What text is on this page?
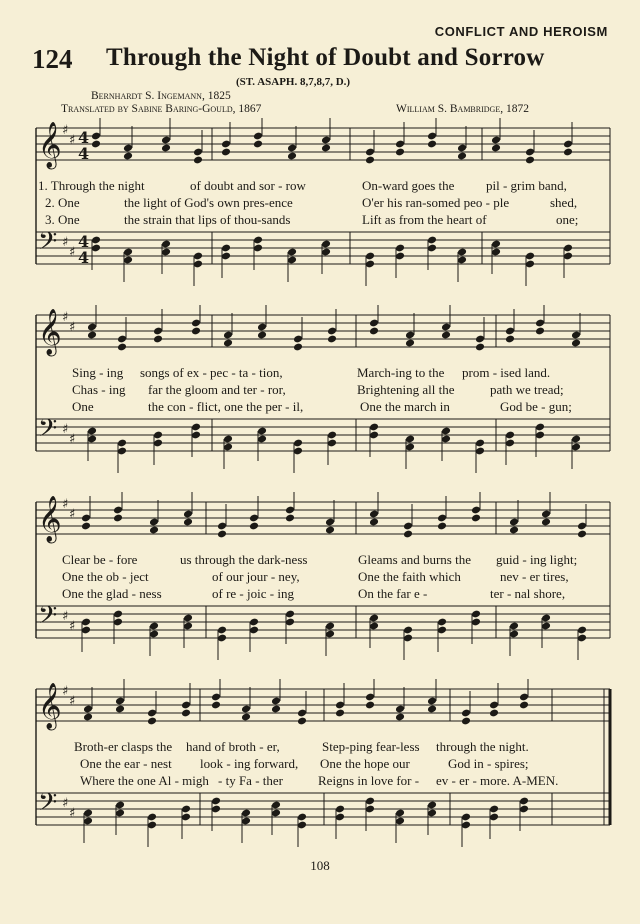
CONFLICT AND HEROISM
124 Through the Night of Doubt and Sorrow
(ST. ASAPH. 8,7,8,7, D.)
Bernhardt S. Ingemann, 1825
Translated by Sabine Baring-Gould, 1867	William S. Bambridge, 1872
𝄞 ♯
♯ 4
4
𝄢 ♯
♯
4
4

1. Through the night

	of doubt and sor - row

	On-ward goes the

pil - grim band,

2. One

	the light of God's own pres-ence

	O'er his ran-somed peo - ple

	shed,

3. One

	the strain that lips of thou-sands

	Lift as from the heart of

	one;

𝄞 ♯
♯
𝄢 ♯
♯

Sing - ing

songs of ex - pec - ta - tion,

	March-ing to the

prom - ised land.

Chas - ing

far the gloom and ter - ror,

	Brightening all the

	path we tread;

One

	the con - flict, one the per - il,

	One the march in

	God be - gun;

𝄞 ♯
♯
𝄢 ♯
♯

Clear be - fore

	us through the dark-ness

	Gleams and burns the

guid - ing light;

One the ob - ject

	of our jour - ney,

	One the faith which

	nev - er tires,

One the glad - ness

	of re - joic - ing

	On the far e -

	ter - nal shore,

𝄞 ♯
♯
𝄢 ♯
♯

Broth-er clasps the

hand of broth - er,

	Step-ping fear-less

through the night.

One the ear - nest

look - ing forward,

One the hope our

	God in - spires;

Where the one Al - migh

- ty Fa - ther

	Reigns in love for -

ev - er - more. A-MEN.

108
